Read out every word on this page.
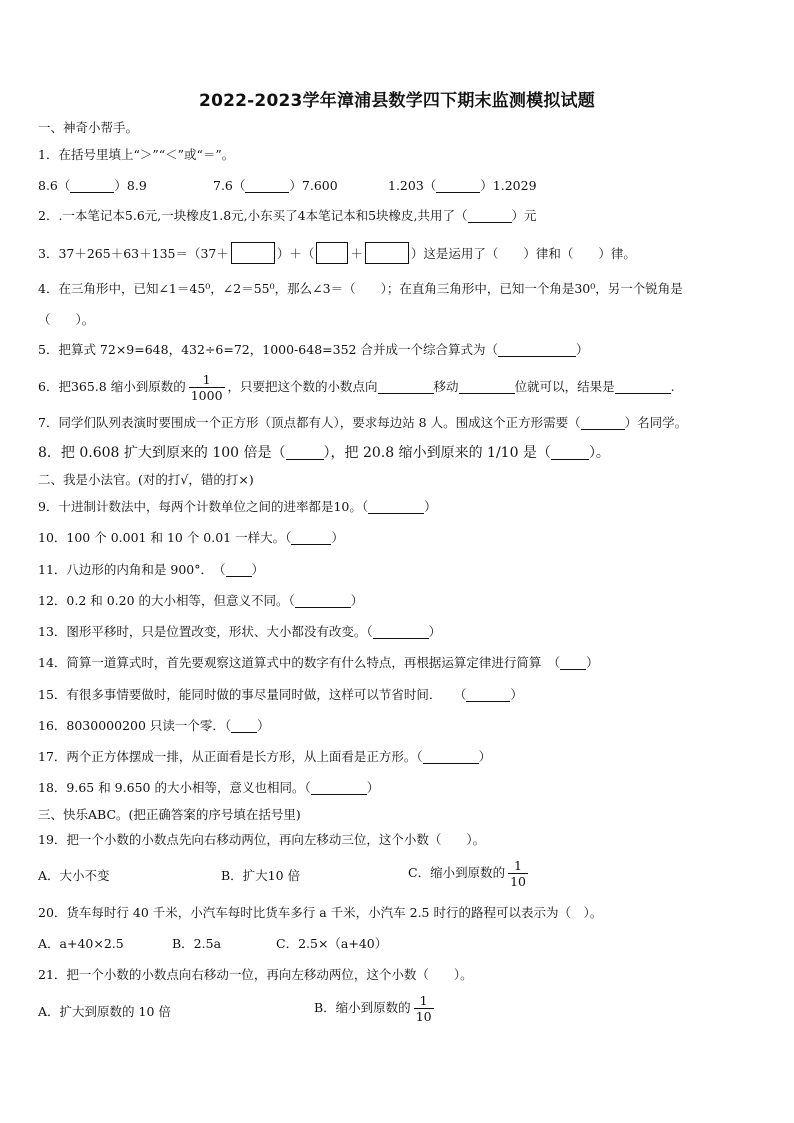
2022-2023学年漳浦县数学四下期末监测模拟试题
一、神奇小帮手。
1．在括号里填上“＞”“＜”或“＝”。
8.6（	）8.9	7.6（	）7.600	1.203（	）1.2029
2．.一本笔记本5.6元,一块橡皮1.8元,小东买了4本笔记本和5块橡皮,共用了（	）元
3．37＋265＋63＋135＝（37＋	）＋（	＋	）这是运用了（　　）律和（　　）律。
4．在三角形中，已知∠1＝45⁰，∠2＝55⁰，那么∠3＝（　　）；在直角三角形中，已知一个角是30⁰，另一个锐角是
（　　）。
5．把算式 72×9=648，432÷6=72，1000-648=352 合并成一个综合算式为（	）
6．把365.8 缩小到原数的 $\frac{1}{1000}$ ，只要把这个数的小数点向	移动	位就可以，结果是	.
7．同学们队列表演时要围成一个正方形（顶点都有人），要求每边站 8 人。围成这个正方形需要（	）名同学。
8．把 0.608 扩大到原来的 100 倍是（	），把 20.8 缩小到原来的 1/10 是（	）。
二、我是小法官。(对的打√，错的打×)
9．十进制计数法中，每两个计数单位之间的进率都是10。（	）
10．100 个 0.001 和 10 个 0.01 一样大。（	）
11．八边形的内角和是 900°．　（ ）
12．0.2 和 0.20 的大小相等，但意义不同。（	）
13．图形平移时，只是位置改变，形状、大小都没有改变。（	）
14．简算一道算式时，首先要观察这道算式中的数字有什么特点，再根据运算定律进行简算　（ ）
15．有很多事情要做时，能同时做的事尽量同时做，这样可以节省时间．　　（	）
16．8030000200 只读一个零．（ ）
17．两个正方体摆成一排，从正面看是长方形，从上面看是正方形。（	）
18．9.65 和 9.650 的大小相等，意义也相同。（	）
三、快乐ABC。(把正确答案的序号填在括号里)
19．把一个小数的小数点先向右移动两位，再向左移动三位，这个小数（　　）。
A．大小不变	B．扩大10 倍	C．缩小到原数的 $\frac{1}{10}$
20．货车每时行 40 千米，小汽车每时比货车多行 a 千米，小汽车 2.5 时行的路程可以表示为（　）。
A．a+40×2.5	B．2.5a	C．2.5×（a+40）
21．把一个小数的小数点向右移动一位，再向左移动两位，这个小数（　　）。
A．扩大到原数的 10 倍	B．缩小到原数的 $\frac{1}{10}$
